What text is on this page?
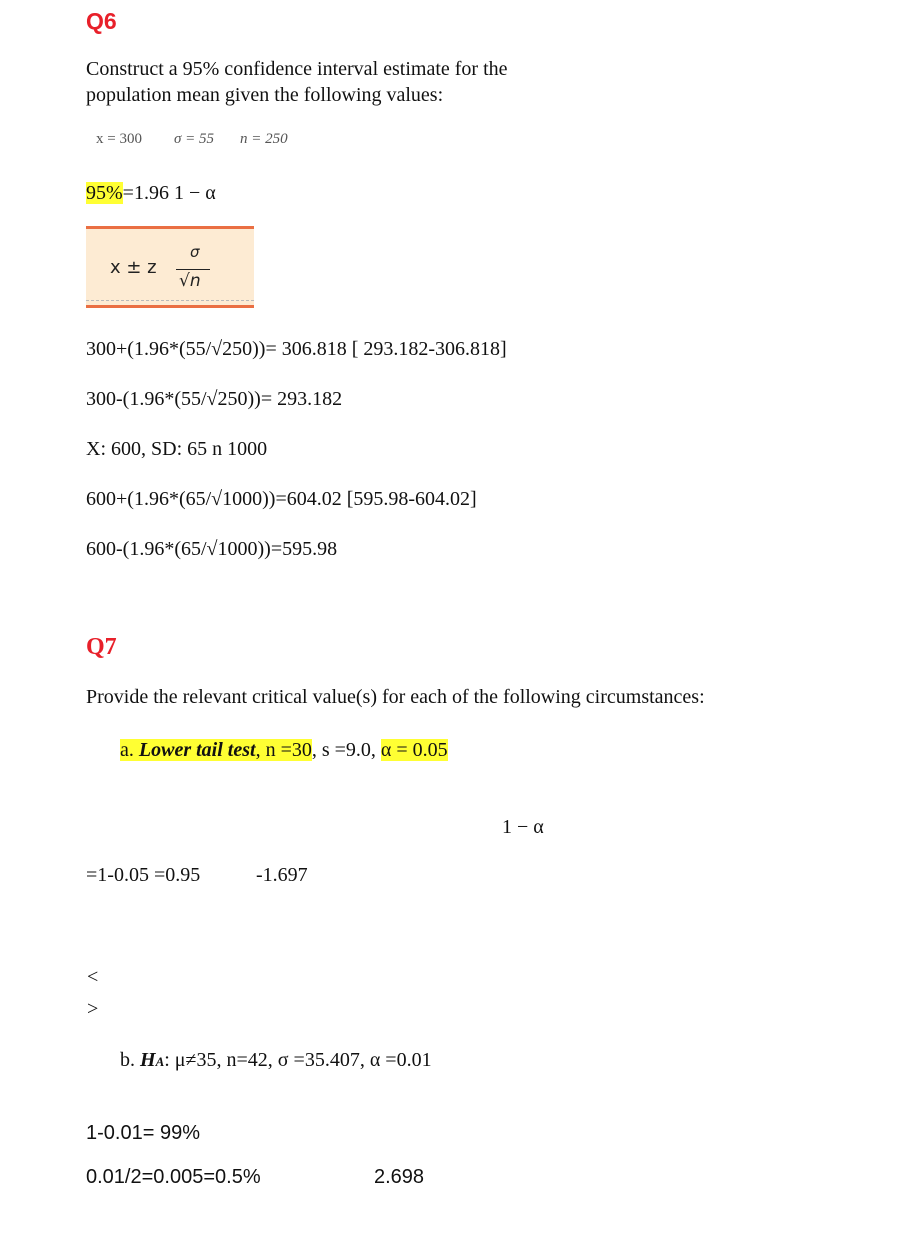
Q6
Construct a 95% confidence interval estimate for the
population mean given the following values:
x = 300 σ = 55 n = 250
95%=1.96 1 − α
x ± z
σ
√n
300+(1.96*(55/√250))= 306.818 [ 293.182-306.818]
300-(1.96*(55/√250))= 293.182
X: 600, SD: 65 n 1000
600+(1.96*(65/√1000))=604.02 [595.98-604.02]
600-(1.96*(65/√1000))=595.98
Q7
Provide the relevant critical value(s) for each of the following circumstances:
a. Lower tail test, n =30, s =9.0, α = 0.05
1 − α
=1-0.05 =0.95	-1.697
<
>
b. HA: μ≠35, n=42, σ =35.407, α =0.01
1-0.01= 99%
0.01/2=0.005=0.5%	2.698
